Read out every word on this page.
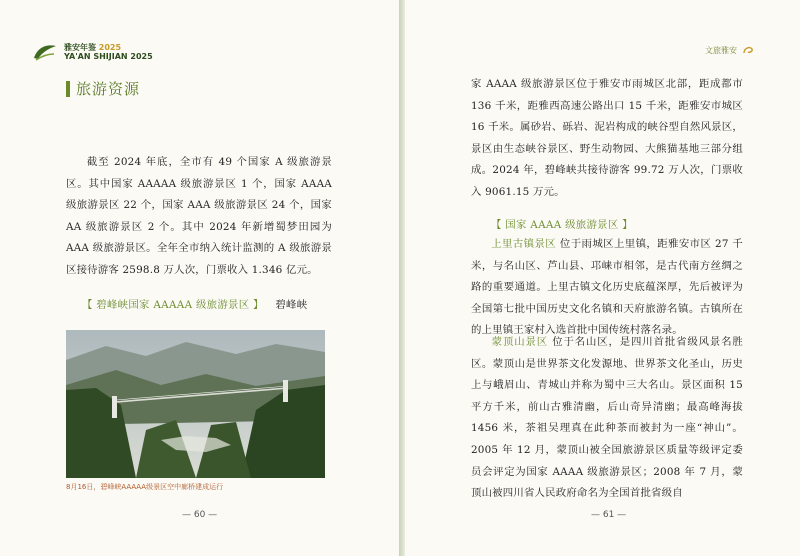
雅安年鉴 2025
YA'AN SHIJIAN 2025
旅游资源
截至 2024 年底，全市有 49 个国家 A 级旅游景区。其中国家 AAAAA 级旅游景区 1 个，国家 AAAA 级旅游景区 22 个，国家 AAA 级旅游景区 24 个，国家 AA 级旅游景区 2 个。其中 2024 年新增蜀梦田园为 AAA 级旅游景区。全年全市纳入统计监测的 A 级旅游景区接待游客 2598.8 万人次，门票收入 1.346 亿元。
【 碧峰峡国家 AAAAA 级旅游景区 】 碧峰峡
8月16日，碧峰峡AAAAA级景区空中廊桥建成运行
— 60 —
文旅雅安
家 AAAA 级旅游景区位于雅安市雨城区北部，距成都市 136 千米，距雅西高速公路出口 15 千米，距雅安市城区 16 千米。属砂岩、砾岩、泥岩构成的峡谷型自然风景区，景区由生态峡谷景区、野生动物园、大熊猫基地三部分组成。2024 年，碧峰峡共接待游客 99.72 万人次，门票收入 9061.15 万元。
【 国家 AAAA 级旅游景区 】
上里古镇景区 位于雨城区上里镇，距雅安市区 27 千米，与名山区、芦山县、邛崃市相邻，是古代南方丝绸之路的重要通道。上里古镇文化历史底蕴深厚，先后被评为全国第七批中国历史文化名镇和天府旅游名镇。古镇所在的上里镇王家村入选首批中国传统村落名录。
蒙顶山景区 位于名山区，是四川首批省级风景名胜区。蒙顶山是世界茶文化发源地、世界茶文化圣山，历史上与峨眉山、青城山并称为蜀中三大名山。景区面积 15 平方千米，前山古雅清幽，后山奇异清幽；最高峰海拔 1456 米，茶祖吴理真在此种茶而被封为一座“神山”。2005 年 12 月，蒙顶山被全国旅游景区质量等级评定委员会评定为国家 AAAA 级旅游景区；2008 年 7 月，蒙顶山被四川省人民政府命名为全国首批省级自
— 61 —
